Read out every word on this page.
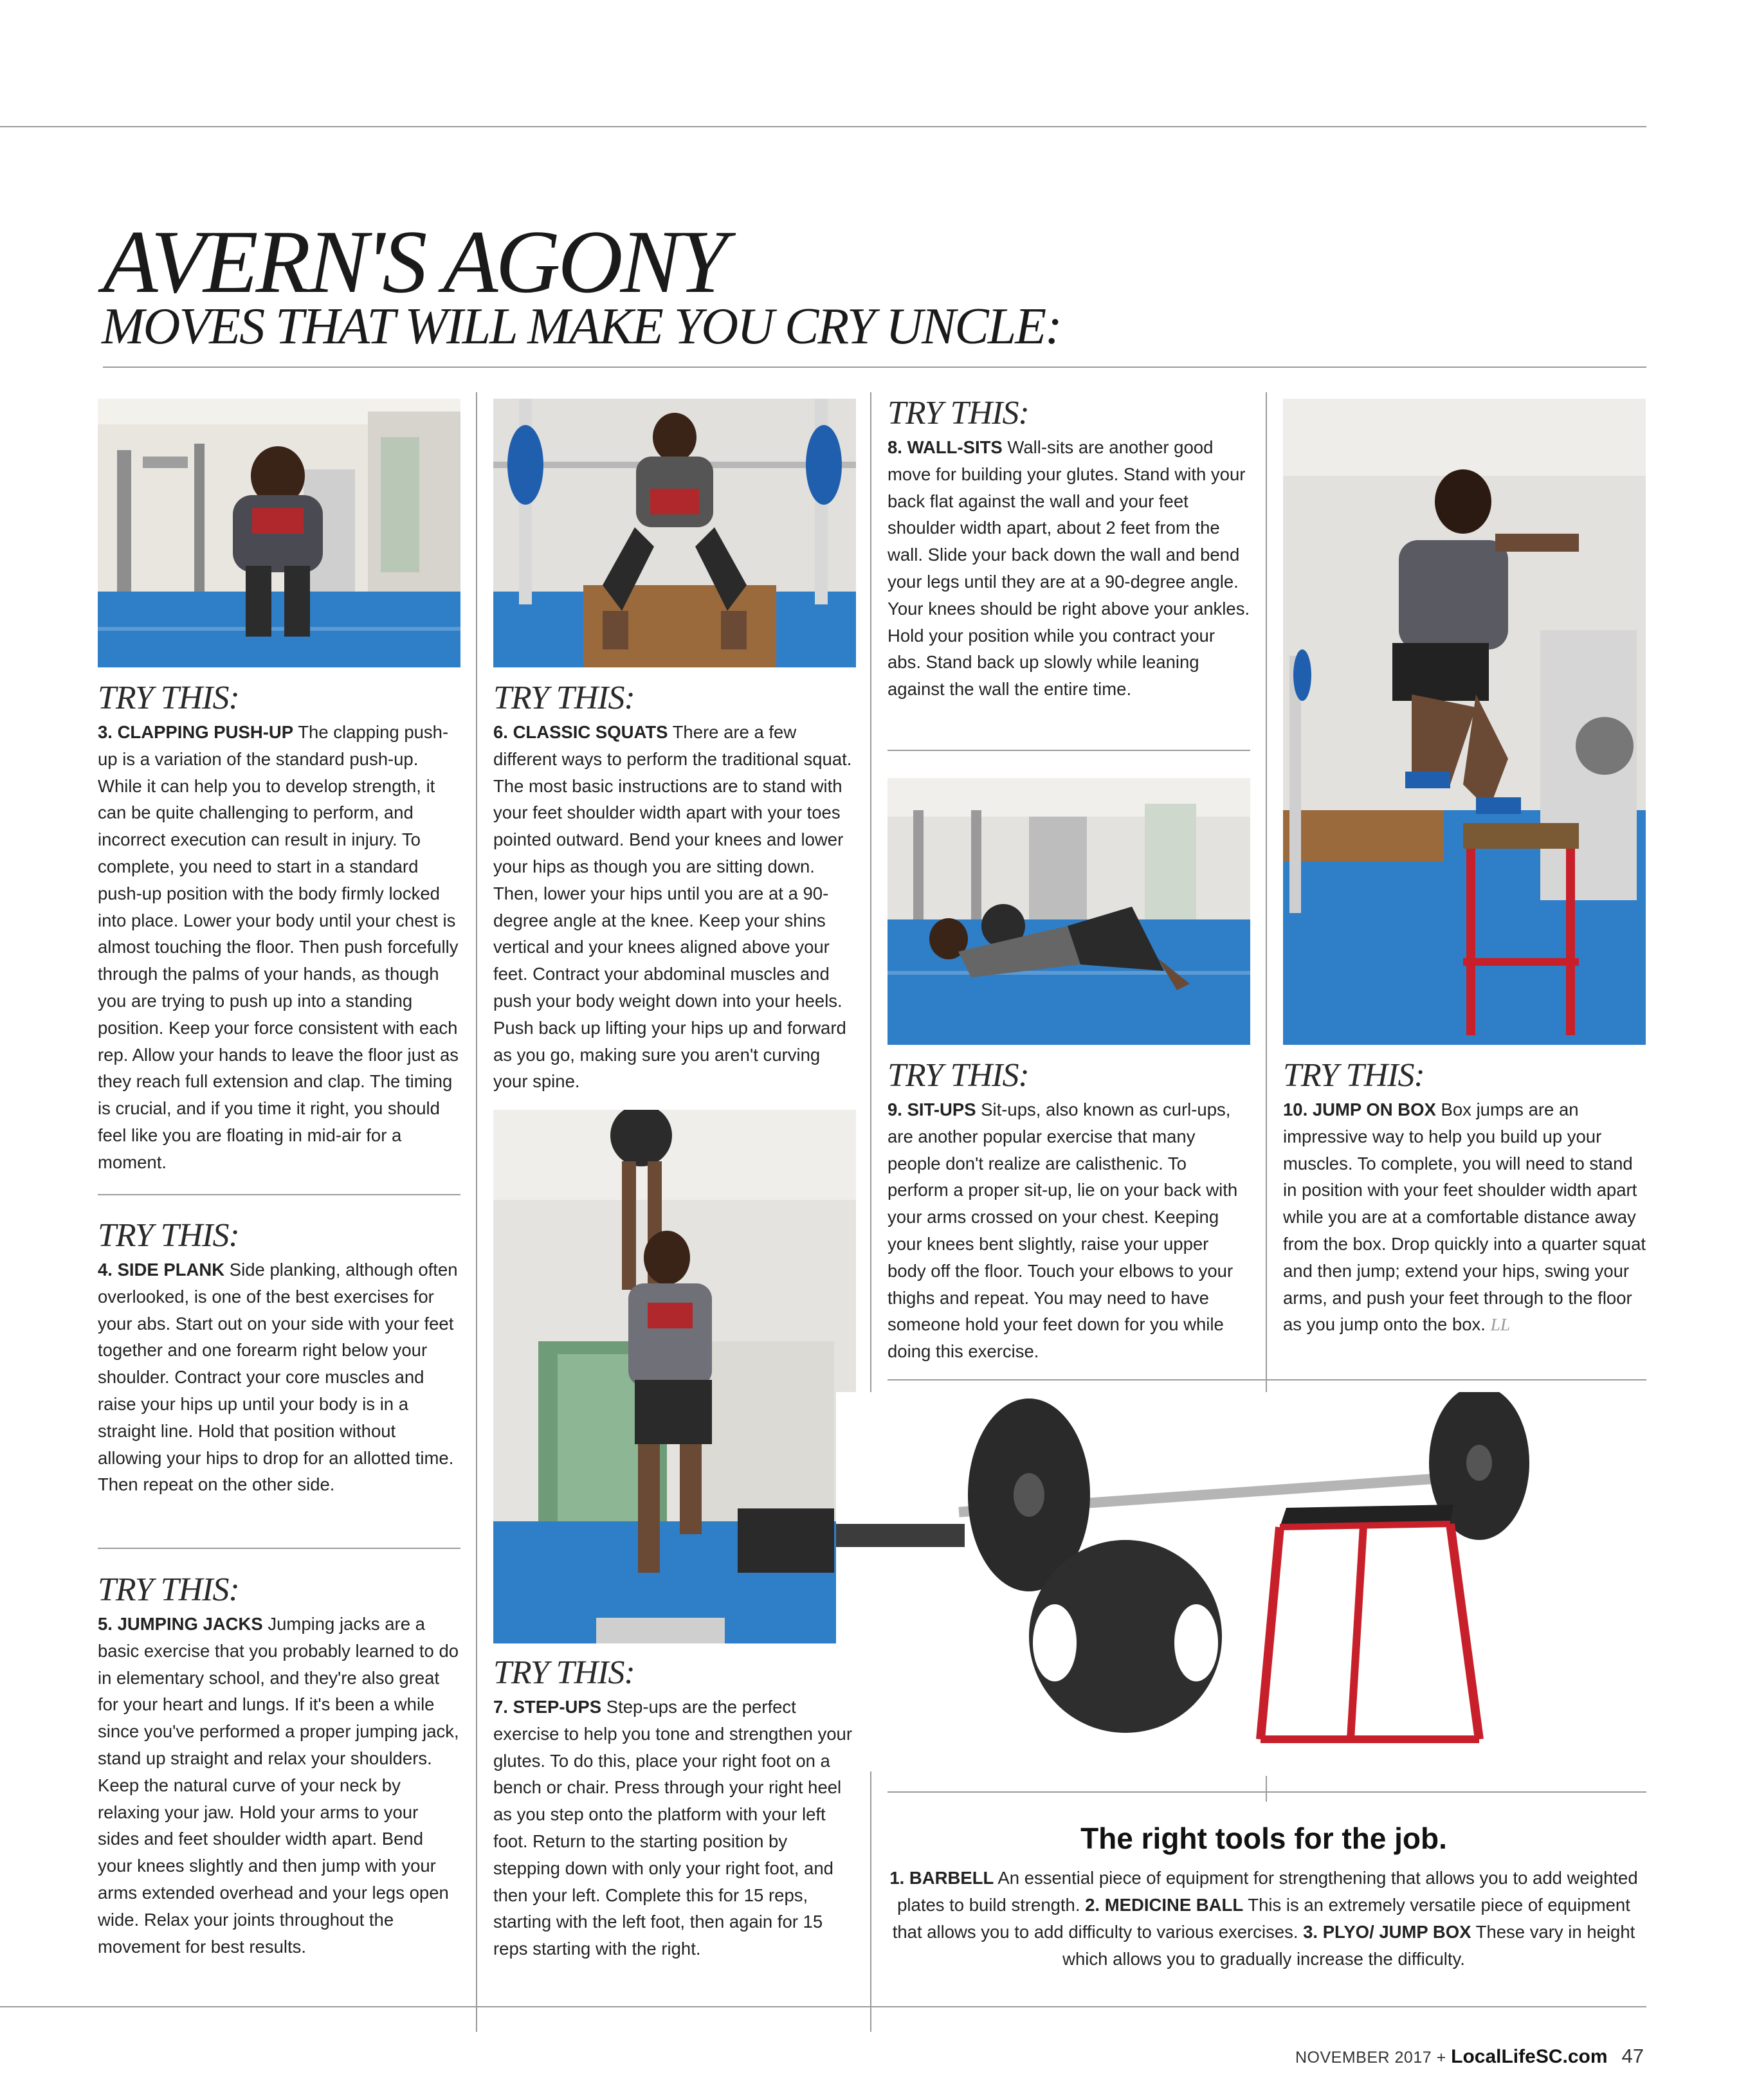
AVERN'S AGONY
MOVES THAT WILL MAKE YOU CRY UNCLE:

TRY THIS:

3. CLAPPING PUSH-UP The clapping push-up is a variation of the standard push-up. While it can help you to develop strength, it can be quite challenging to perform, and incorrect execution can result in injury. To complete, you need to start in a standard push-up position with the body firmly locked into place. Lower your body until your chest is almost touching the floor. Then push forcefully through the palms of your hands, as though you are trying to push up into a standing position. Keep your force consistent with each rep. Allow your hands to leave the floor just as they reach full extension and clap. The timing is crucial, and if you time it right, you should feel like you are floating in mid-air for a moment.

TRY THIS:

4. SIDE PLANK Side planking, although often overlooked, is one of the best exercises for your abs. Start out on your side with your feet together and one forearm right below your shoulder. Contract your core muscles and raise your hips up until your body is in a straight line. Hold that position without allowing your hips to drop for an allotted time. Then repeat on the other side.

TRY THIS:

5. JUMPING JACKS Jumping jacks are a basic exercise that you probably learned to do in elementary school, and they're also great for your heart and lungs. If it's been a while since you've performed a proper jumping jack, stand up straight and relax your shoulders. Keep the natural curve of your neck by relaxing your jaw. Hold your arms to your sides and feet shoulder width apart. Bend your knees slightly and then jump with your arms extended overhead and your legs open wide. Relax your joints throughout the movement for best results.

TRY THIS:

6. CLASSIC SQUATS There are a few different ways to perform the traditional squat. The most basic instructions are to stand with your feet shoulder width apart with your toes pointed outward. Bend your knees and lower your hips as though you are sitting down. Then, lower your hips until you are at a 90-degree angle at the knee. Keep your shins vertical and your knees aligned above your feet. Contract your abdominal muscles and push your body weight down into your heels. Push back up lifting your hips up and forward as you go, making sure you aren't curving your spine.

TRY THIS:

7. STEP-UPS Step-ups are the perfect exercise to help you tone and strengthen your glutes. To do this, place your right foot on a bench or chair. Press through your right heel as you step onto the platform with your left foot. Return to the starting position by stepping down with only your right foot, and then your left. Complete this for 15 reps, starting with the left foot, then again for 15 reps starting with the right.

TRY THIS:

8. WALL-SITS Wall-sits are another good move for building your glutes. Stand with your back flat against the wall and your feet shoulder width apart, about 2 feet from the wall. Slide your back down the wall and bend your legs until they are at a 90-degree angle. Your knees should be right above your ankles. Hold your position while you contract your abs. Stand back up slowly while leaning against the wall the entire time.

TRY THIS:

9. SIT-UPS Sit-ups, also known as curl-ups, are another popular exercise that many people don't realize are calisthenic. To perform a proper sit-up, lie on your back with your arms crossed on your chest. Keeping your knees bent slightly, raise your upper body off the floor. Touch your elbows to your thighs and repeat. You may need to have someone hold your feet down for you while doing this exercise.

TRY THIS:

10. JUMP ON BOX Box jumps are an impressive way to help you build up your muscles. To complete, you will need to stand in position with your feet shoulder width apart while you are at a comfortable distance away from the box. Drop quickly into a quarter squat and then jump; extend your hips, swing your arms, and push your feet through to the floor as you jump onto the box. LL

The right tools for the job.

1. BARBELL An essential piece of equipment for strengthening that allows you to add weighted plates to build strength. 2. MEDICINE BALL This is an extremely versatile piece of equipment that allows you to add difficulty to various exercises. 3. PLYO/ JUMP BOX These vary in height which allows you to gradually increase the difficulty.

NOVEMBER 2017 + LocalLifeSC.com 47
